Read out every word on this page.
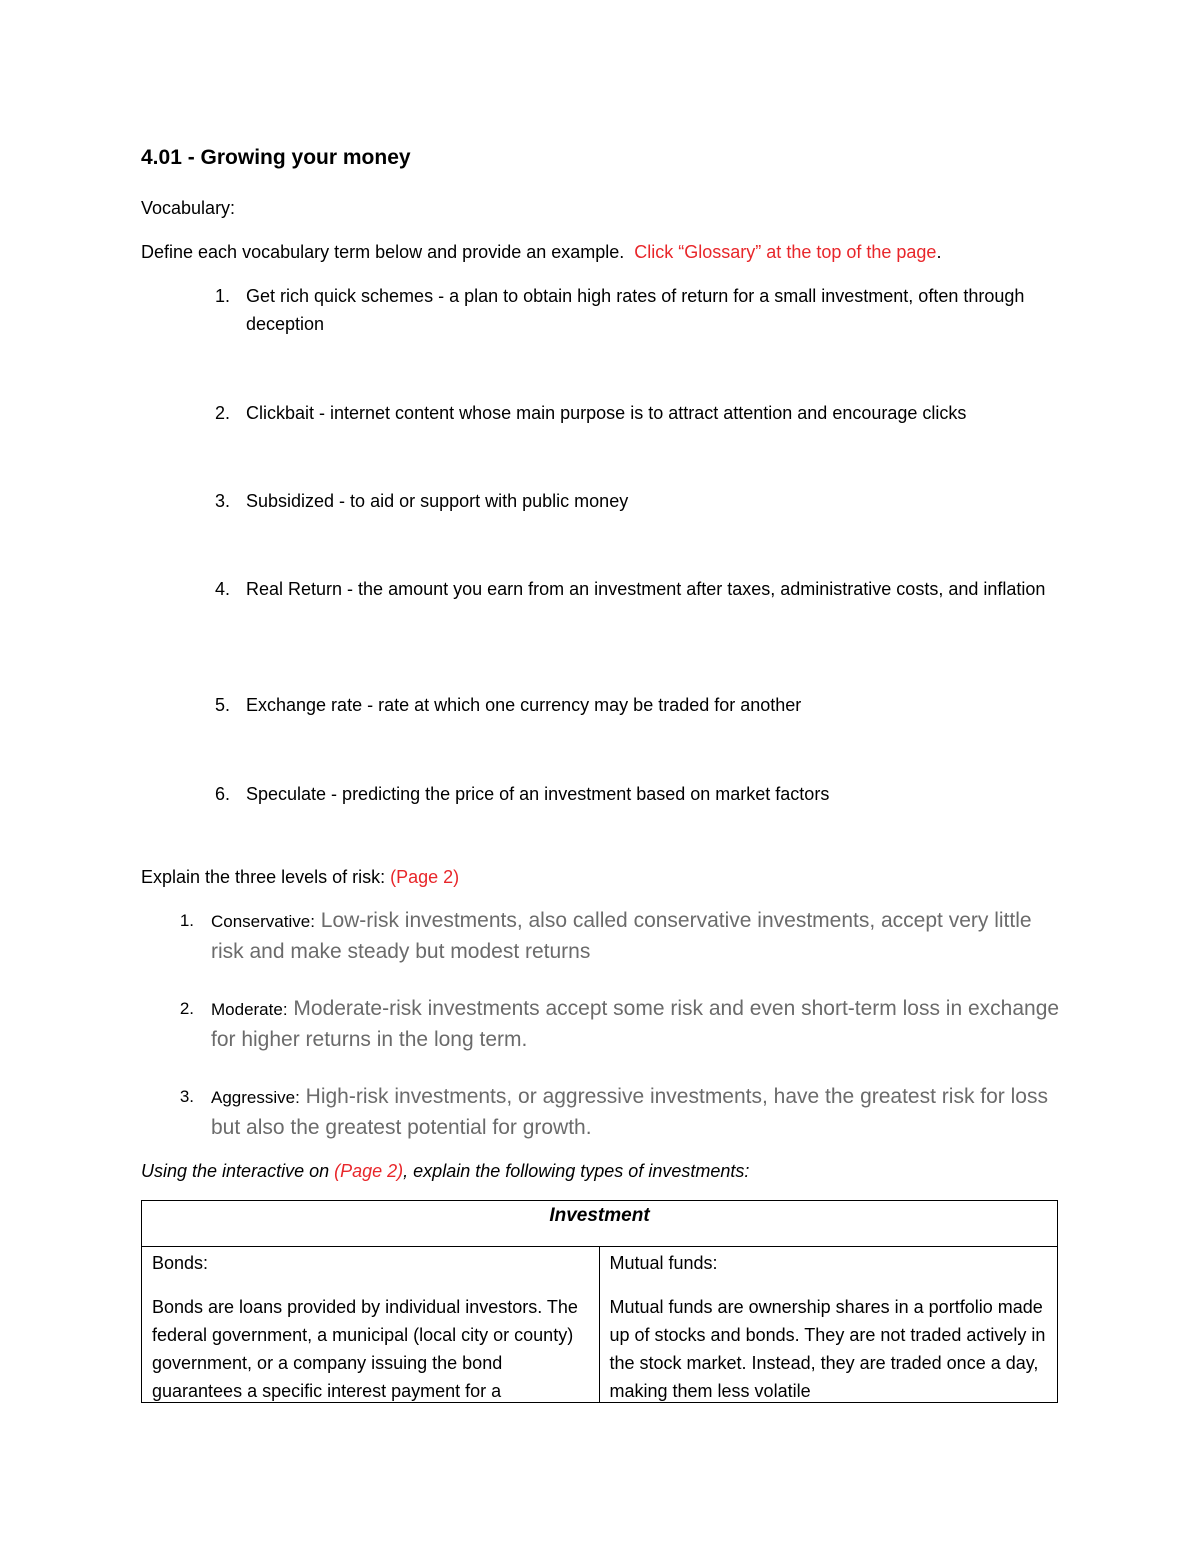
4.01 - Growing your money
Vocabulary:
Define each vocabulary term below and provide an example. Click “Glossary” at the top of the page.
1. Get rich quick schemes - a plan to obtain high rates of return for a small investment, often through deception
2. Clickbait - internet content whose main purpose is to attract attention and encourage clicks
3. Subsidized - to aid or support with public money
4. Real Return - the amount you earn from an investment after taxes, administrative costs, and inflation
5. Exchange rate - rate at which one currency may be traded for another
6. Speculate - predicting the price of an investment based on market factors
Explain the three levels of risk: (Page 2)
1. Conservative: Low-risk investments, also called conservative investments, accept very little risk and make steady but modest returns
2. Moderate: Moderate-risk investments accept some risk and even short-term loss in exchange for higher returns in the long term.
3. Aggressive: High-risk investments, or aggressive investments, have the greatest risk for loss but also the greatest potential for growth.
Using the interactive on (Page 2), explain the following types of investments:
Investment
Bonds:
Bonds are loans provided by individual investors. The federal government, a municipal (local city or county) government, or a company issuing the bond guarantees a specific interest payment for a
Mutual funds:
Mutual funds are ownership shares in a portfolio made up of stocks and bonds. They are not traded actively in the stock market. Instead, they are traded once a day, making them less volatile
